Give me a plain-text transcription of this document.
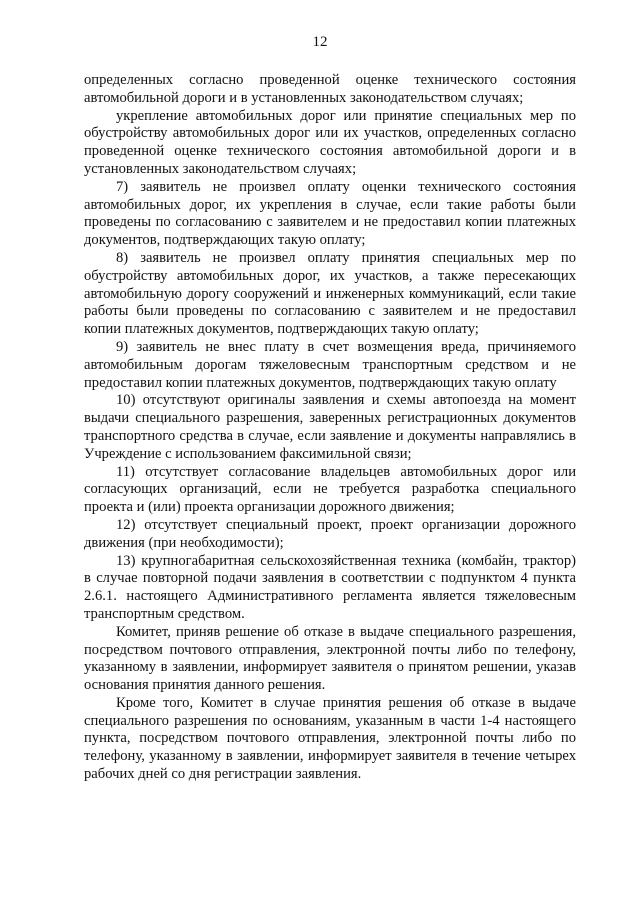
12

определенных согласно проведенной оценке технического состояния автомобильной дороги и в установленных законодательством случаях;

укрепление автомобильных дорог или принятие специальных мер по обустройству автомобильных дорог или их участков, определенных согласно проведенной оценке технического состояния автомобильной дороги и в установленных законодательством случаях;

7) заявитель не произвел оплату оценки технического состояния автомобильных дорог, их укрепления в случае, если такие работы были проведены по согласованию с заявителем и не предоставил копии платежных документов, подтверждающих такую оплату;

8) заявитель не произвел оплату принятия специальных мер по обустройству автомобильных дорог, их участков, а также пересекающих автомобильную дорогу сооружений и инженерных коммуникаций, если такие работы были проведены по согласованию с заявителем и не предоставил копии платежных документов, подтверждающих такую оплату;

9) заявитель не внес плату в счет возмещения вреда, причиняемого автомобильным дорогам тяжеловесным транспортным средством и не предоставил копии платежных документов, подтверждающих такую оплату

10) отсутствуют оригиналы заявления и схемы автопоезда на момент выдачи специального разрешения, заверенных регистрационных документов транспортного средства в случае, если заявление и документы направлялись в Учреждение с использованием факсимильной связи;

11) отсутствует согласование владельцев автомобильных дорог или согласующих организаций, если не требуется разработка специального проекта и (или) проекта организации дорожного движения;

12) отсутствует специальный проект, проект организации дорожного движения (при необходимости);

13) крупногабаритная сельскохозяйственная техника (комбайн, трактор) в случае повторной подачи заявления в соответствии с подпунктом 4 пункта 2.6.1. настоящего Административного регламента является тяжеловесным транспортным средством.

Комитет, приняв решение об отказе в выдаче специального разрешения, посредством почтового отправления, электронной почты либо по телефону, указанному в заявлении, информирует заявителя о принятом решении, указав основания принятия данного решения.

Кроме того, Комитет в случае принятия решения об отказе в выдаче специального разрешения по основаниям, указанным в части 1-4 настоящего пункта, посредством почтового отправления, электронной почты либо по телефону, указанному в заявлении, информирует заявителя в течение четырех рабочих дней со дня регистрации заявления.
